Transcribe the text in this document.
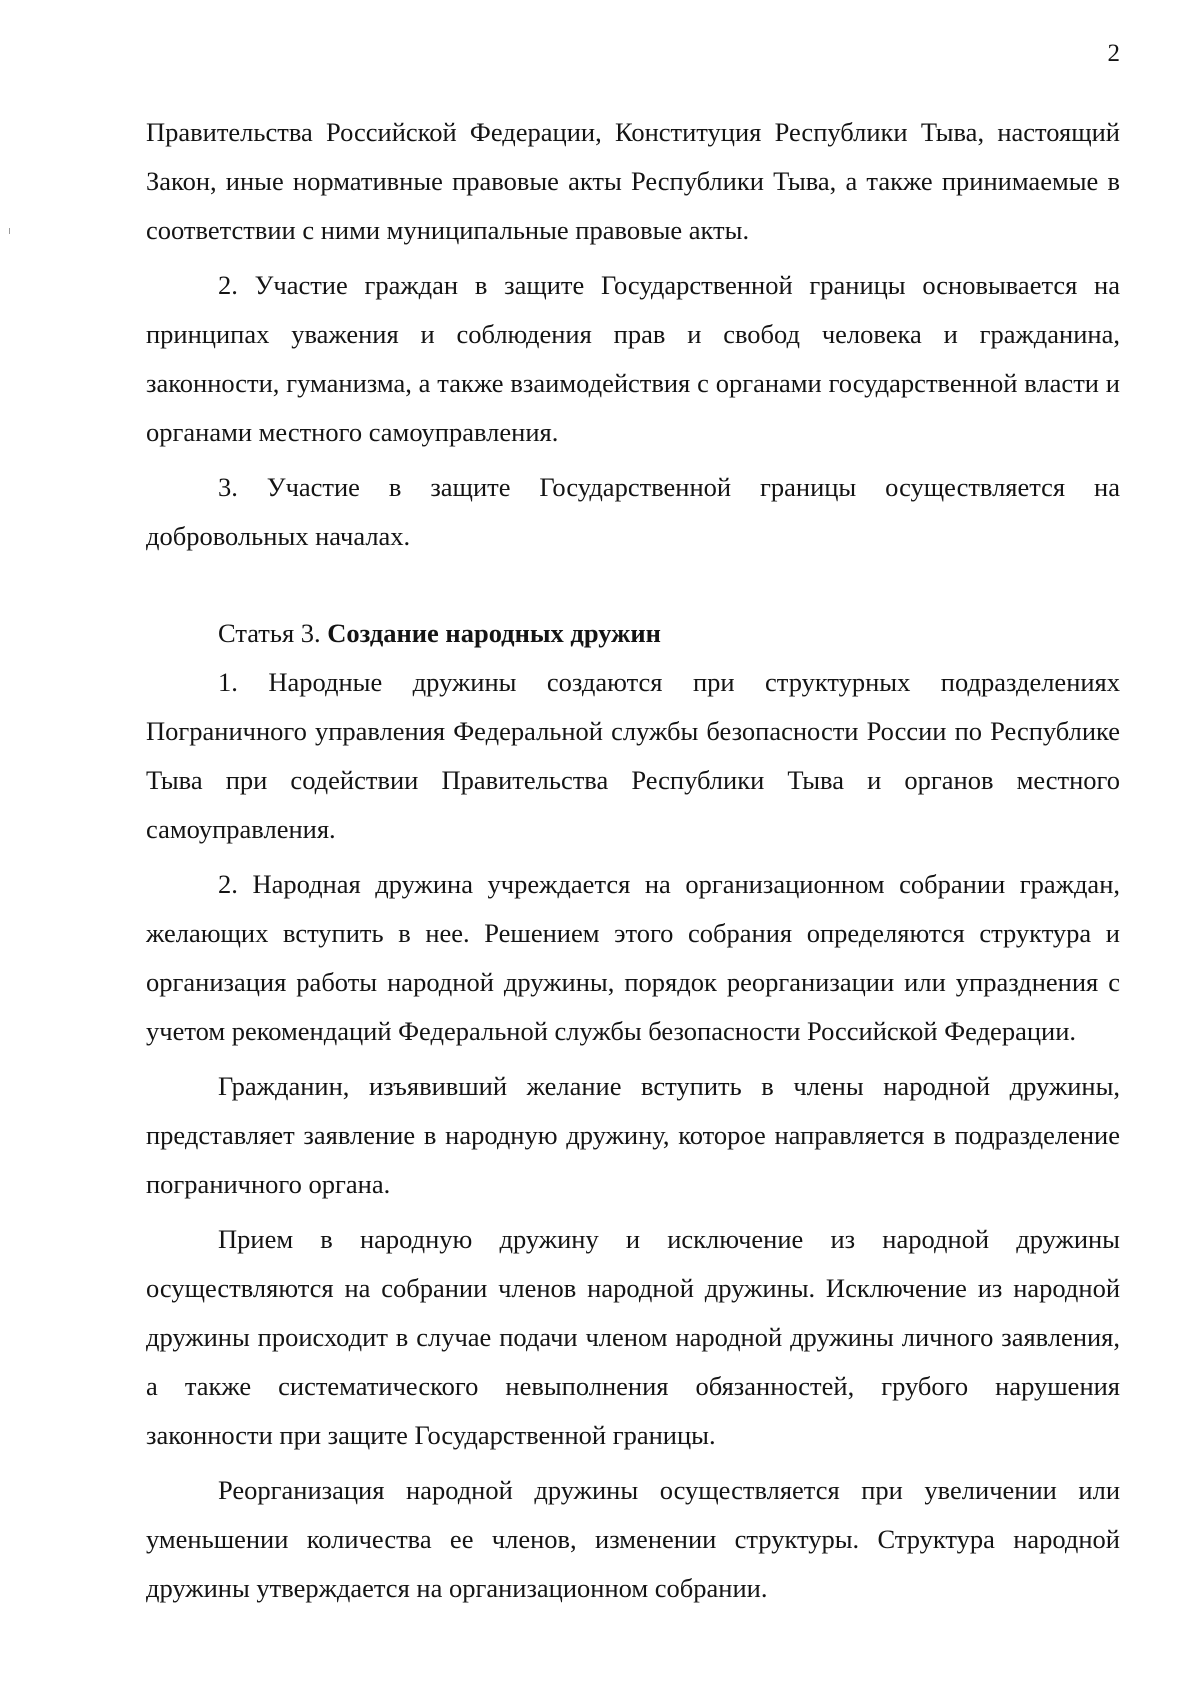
2

Правительства Российской Федерации, Конституция Республики Тыва, настоящий Закон, иные нормативные правовые акты Республики Тыва, а также принимаемые в соответствии с ними муниципальные правовые акты.

2. Участие граждан в защите Государственной границы основывается на принципах уважения и соблюдения прав и свобод человека и гражданина, законности, гуманизма, а также взаимодействия с органами государственной власти и органами местного самоуправления.

3. Участие в защите Государственной границы осуществляется на добровольных началах.

Статья 3. Создание народных дружин

1. Народные дружины создаются при структурных подразделениях Пограничного управления Федеральной службы безопасности России по Республике Тыва при содействии Правительства Республики Тыва и органов местного самоуправления.

2. Народная дружина учреждается на организационном собрании граждан, желающих вступить в нее. Решением этого собрания определяются структура и организация работы народной дружины, порядок реорганизации или упразднения с учетом рекомендаций Федеральной службы безопасности Российской Федерации.

Гражданин, изъявивший желание вступить в члены народной дружины, представляет заявление в народную дружину, которое направляется в подразделение пограничного органа.

Прием в народную дружину и исключение из народной дружины осуществляются на собрании членов народной дружины. Исключение из народной дружины происходит в случае подачи членом народной дружины личного заявления, а также систематического невыполнения обязанностей, грубого нарушения законности при защите Государственной границы.

Реорганизация народной дружины осуществляется при увеличении или уменьшении количества ее членов, изменении структуры. Структура народной дружины утверждается на организационном собрании.
